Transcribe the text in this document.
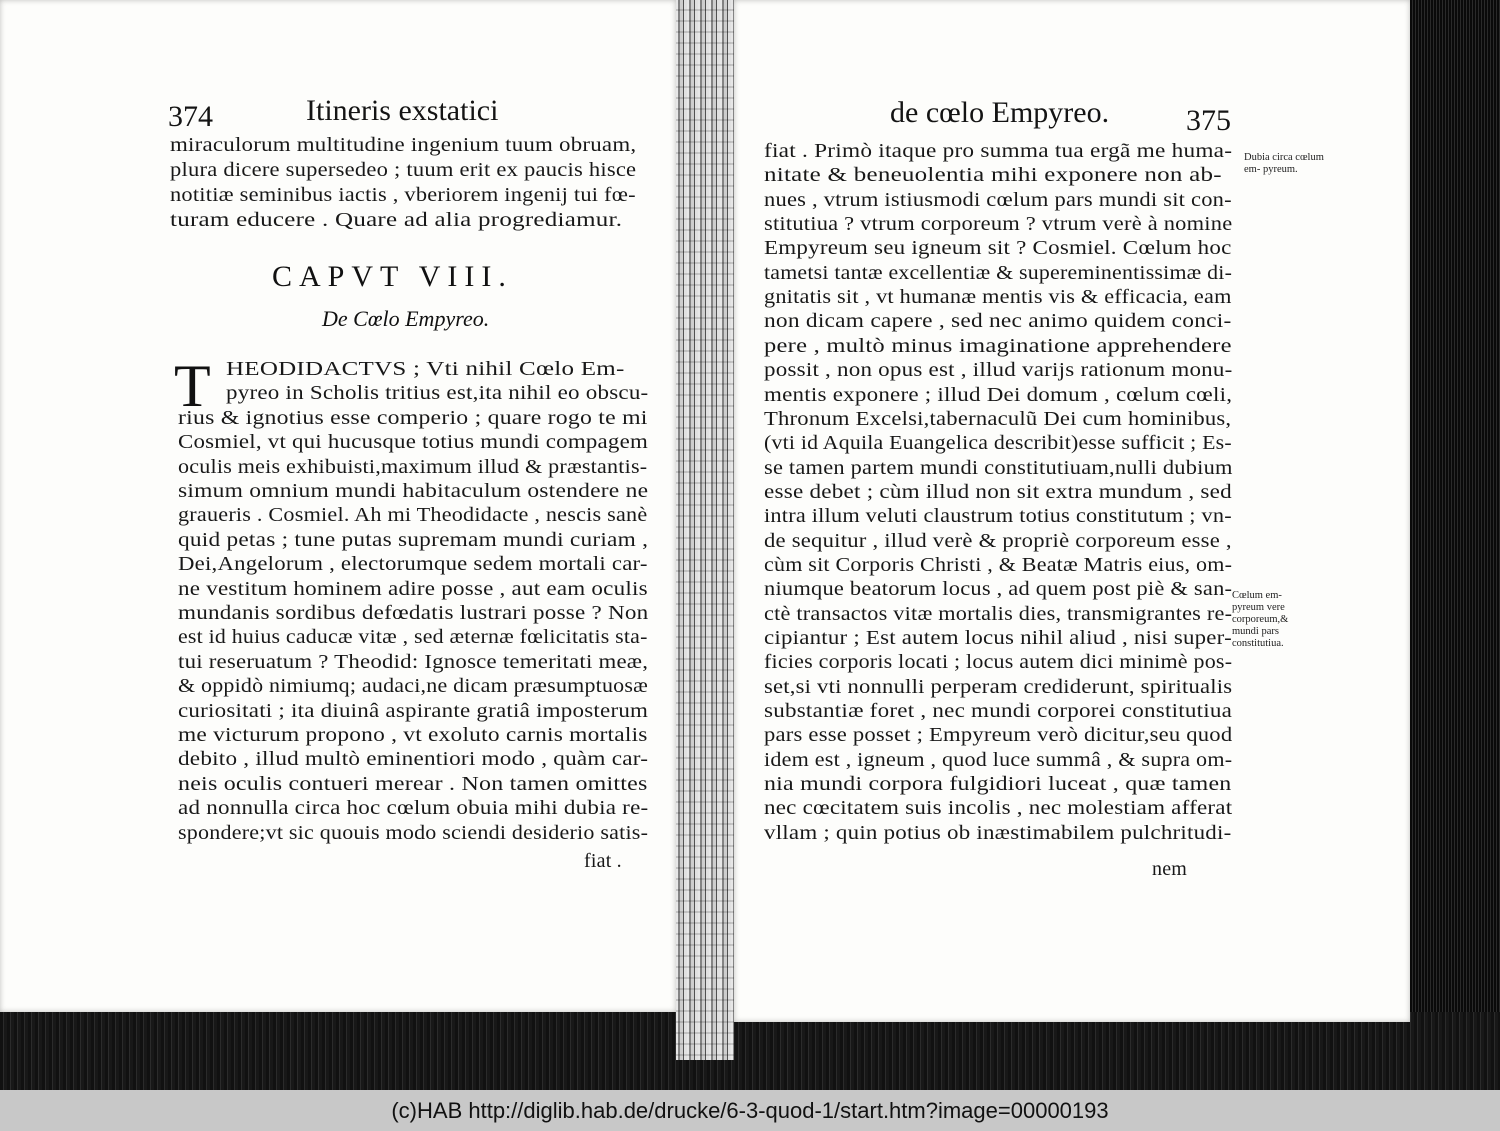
374	Itineris exstatici
miraculorum multitudine ingenium tuum obruam,
plura dicere supersedeo ; tuum erit ex paucis hisce
notitiæ seminibus iactis , vberiorem ingenij tui fœ-
turam educere . Quare ad alia progrediamur.
CAPVT VIII.
De Cœlo Empyreo.
T HEODIDACTVS ; Vti nihil Cœlo Em-
pyreo in Scholis tritius est,ita nihil eo obscu-
rius & ignotius esse comperio ; quare rogo te mi
Cosmiel, vt qui hucusque totius mundi compagem
oculis meis exhibuisti,maximum illud & præstantis-
simum omnium mundi habitaculum ostendere ne
graueris . Cosmiel. Ah mi Theodidacte , nescis sanè
quid petas ; tune putas supremam mundi curiam ,
Dei,Angelorum , electorumque sedem mortali car-
ne vestitum hominem adire posse , aut eam oculis
mundanis sordibus defœdatis lustrari posse ? Non
est id huius caducæ vitæ , sed æternæ fœlicitatis sta-
tui reseruatum ? Theodid: Ignosce temeritati meæ,
& oppidò nimiumq; audaci,ne dicam præsumptuosæ
curiositati ; ita diuinâ aspirante gratiâ imposterum
me victurum propono , vt exoluto carnis mortalis
debito , illud multò eminentiori modo , quàm car-
neis oculis contueri merear . Non tamen omittes
ad nonnulla circa hoc cœlum obuia mihi dubia re-
spondere;vt sic quouis modo sciendi desiderio satis-
fiat .
de cœlo Empyreo.	375
fiat . Primò itaque pro summa tua ergã me huma-
nitate & beneuolentia mihi exponere non ab-
nues , vtrum istiusmodi cœlum pars mundi sit con-
stitutiua ? vtrum corporeum ? vtrum verè à nomine
Empyreum seu igneum sit ? Cosmiel. Cœlum hoc
tametsi tantæ excellentiæ & supereminentissimæ di-
gnitatis sit , vt humanæ mentis vis & efficacia, eam
non dicam capere , sed nec animo quidem conci-
pere , multò minus imaginatione apprehendere
possit , non opus est , illud varijs rationum monu-
mentis exponere ; illud Dei domum , cœlum cœli,
Thronum Excelsi,tabernaculũ Dei cum hominibus,
(vti id Aquila Euangelica describit)esse sufficit ; Es-
se tamen partem mundi constitutiuam,nulli dubium
esse debet ; cùm illud non sit extra mundum , sed
intra illum veluti claustrum totius constitutum ; vn-
de sequitur , illud verè & propriè corporeum esse ,
cùm sit Corporis Christi , & Beatæ Matris eius, om-
niumque beatorum locus , ad quem post piè & san-
ctè transactos vitæ mortalis dies, transmigrantes re-
cipiantur ; Est autem locus nihil aliud , nisi super-
ficies corporis locati ; locus autem dici minimè pos-
set,si vti nonnulli perperam crediderunt, spiritualis
substantiæ foret , nec mundi corporei constitutiua
pars esse posset ; Empyreum verò dicitur,seu quod
idem est , igneum , quod luce summâ , & supra om-
nia mundi corpora fulgidiori luceat , quæ tamen
nec cœcitatem suis incolis , nec molestiam afferat
vllam ; quin potius ob inæstimabilem pulchritudi-
nem
Dubia circa cœlum em- pyreum.
Cœlum em- pyreum vere corporeum,& mundi pars constitutiua.
(c)HAB http://diglib.hab.de/drucke/6-3-quod-1/start.htm?image=00000193
